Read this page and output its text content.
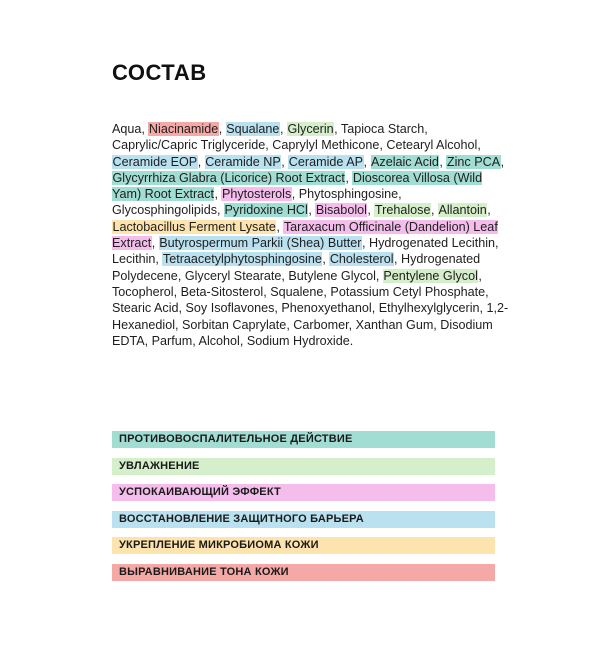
СОСТАВ
Aqua, Niacinamide, Squalane, Glycerin, Tapioca Starch, Caprylic/Capric Triglyceride, Caprylyl Methicone, Cetearyl Alcohol, Ceramide EOP, Ceramide NP, Ceramide AP, Azelaic Acid, Zinc PCA, Glycyrrhiza Glabra (Licorice) Root Extract, Dioscorea Villosa (Wild Yam) Root Extract, Phytosterols, Phytosphingosine, Glycosphingolipids, Pyridoxine HCl, Bisabolol, Trehalose, Allantoin, Lactobacillus Ferment Lysate, Taraxacum Officinale (Dandelion) Leaf Extract, Butyrospermum Parkii (Shea) Butter, Hydrogenated Lecithin, Lecithin, Tetraacetylphytosphingosine, Cholesterol, Hydrogenated Polydecene, Glyceryl Stearate, Butylene Glycol, Pentylene Glycol, Tocopherol, Beta-Sitosterol, Squalene, Potassium Cetyl Phosphate, Stearic Acid, Soy Isoflavones, Phenoxyethanol, Ethylhexylglycerin, 1,2-Hexanediol, Sorbitan Caprylate, Carbomer, Xanthan Gum, Disodium EDTA, Parfum, Alcohol, Sodium Hydroxide.
ПРОТИВОВОСПАЛИТЕЛЬНОЕ ДЕЙСТВИЕ
УВЛАЖНЕНИЕ
УСПОКАИВАЮЩИЙ ЭФФЕКТ
ВОССТАНОВЛЕНИЕ ЗАЩИТНОГО БАРЬЕРА
УКРЕПЛЕНИЕ МИКРОБИОМА КОЖИ
ВЫРАВНИВАНИЕ ТОНА КОЖИ
